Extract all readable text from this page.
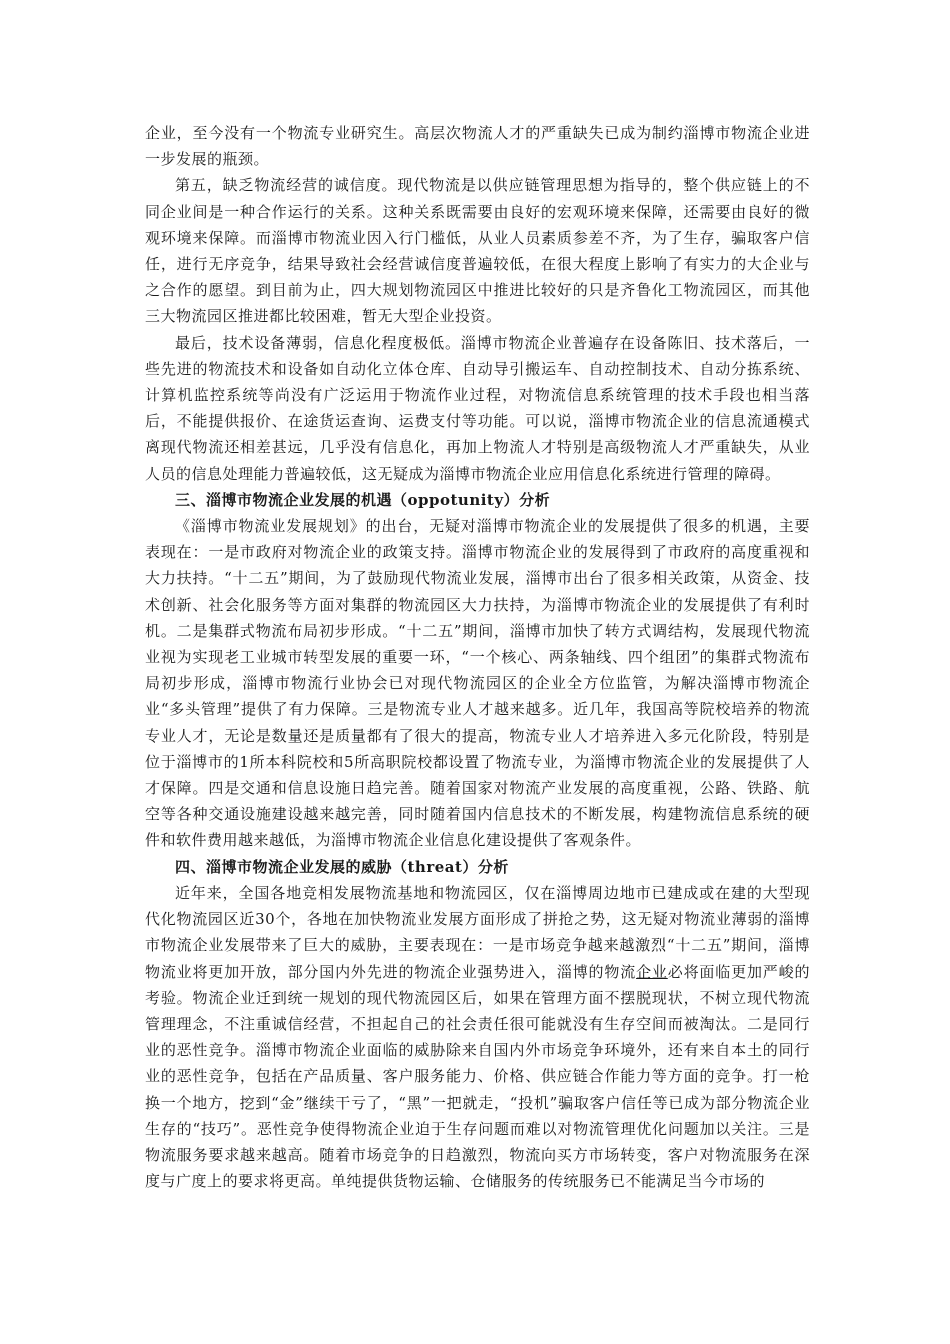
企业，至今没有一个物流专业研究生。高层次物流人才的严重缺失已成为制约淄博市物流企业进一步发展的瓶颈。

第五，缺乏物流经营的诚信度。现代物流是以供应链管理思想为指导的，整个供应链上的不同企业间是一种合作运行的关系。这种关系既需要由良好的宏观环境来保障，还需要由良好的微观环境来保障。而淄博市物流业因入行门槛低，从业人员素质参差不齐，为了生存，骗取客户信任，进行无序竞争，结果导致社会经营诚信度普遍较低，在很大程度上影响了有实力的大企业与之合作的愿望。到目前为止，四大规划物流园区中推进比较好的只是齐鲁化工物流园区，而其他三大物流园区推进都比较困难，暂无大型企业投资。

最后，技术设备薄弱，信息化程度极低。淄博市物流企业普遍存在设备陈旧、技术落后，一些先进的物流技术和设备如自动化立体仓库、自动导引搬运车、自动控制技术、自动分拣系统、计算机监控系统等尚没有广泛运用于物流作业过程，对物流信息系统管理的技术手段也相当落后，不能提供报价、在途货运查询、运费支付等功能。可以说，淄博市物流企业的信息流通模式离现代物流还相差甚远，几乎没有信息化，再加上物流人才特别是高级物流人才严重缺失，从业人员的信息处理能力普遍较低，这无疑成为淄博市物流企业应用信息化系统进行管理的障碍。

三、淄博市物流企业发展的机遇（oppotunity）分析

《淄博市物流业发展规划》的出台，无疑对淄博市物流企业的发展提供了很多的机遇，主要表现在：一是市政府对物流企业的政策支持。淄博市物流企业的发展得到了市政府的高度重视和大力扶持。“十二五”期间，为了鼓励现代物流业发展，淄博市出台了很多相关政策，从资金、技术创新、社会化服务等方面对集群的物流园区大力扶持，为淄博市物流企业的发展提供了有利时机。二是集群式物流布局初步形成。“十二五”期间，淄博市加快了转方式调结构，发展现代物流业视为实现老工业城市转型发展的重要一环，“一个核心、两条轴线、四个组团”的集群式物流布局初步形成，淄博市物流行业协会已对现代物流园区的企业全方位监管，为解决淄博市物流企业“多头管理”提供了有力保障。三是物流专业人才越来越多。近几年，我国高等院校培养的物流专业人才，无论是数量还是质量都有了很大的提高，物流专业人才培养进入多元化阶段，特别是位于淄博市的1所本科院校和5所高职院校都设置了物流专业，为淄博市物流企业的发展提供了人才保障。四是交通和信息设施日趋完善。随着国家对物流产业发展的高度重视，公路、铁路、航空等各种交通设施建设越来越完善，同时随着国内信息技术的不断发展，构建物流信息系统的硬件和软件费用越来越低，为淄博市物流企业信息化建设提供了客观条件。

四、淄博市物流企业发展的威胁（threat）分析

近年来，全国各地竞相发展物流基地和物流园区，仅在淄博周边地市已建成或在建的大型现代化物流园区近30个，各地在加快物流业发展方面形成了拼抢之势，这无疑对物流业薄弱的淄博市物流企业发展带来了巨大的威胁，主要表现在：一是市场竞争越来越激烈“十二五”期间，淄博物流业将更加开放，部分国内外先进的物流企业强势进入，淄博的物流企业必将面临更加严峻的考验。物流企业迁到统一规划的现代物流园区后，如果在管理方面不摆脱现状，不树立现代物流管理理念，不注重诚信经营，不担起自己的社会责任很可能就没有生存空间而被淘汰。二是同行业的恶性竞争。淄博市物流企业面临的威胁除来自国内外市场竞争环境外，还有来自本土的同行业的恶性竞争，包括在产品质量、客户服务能力、价格、供应链合作能力等方面的竞争。打一枪换一个地方，挖到“金”继续干亏了，“黑”一把就走，“投机”骗取客户信任等已成为部分物流企业生存的“技巧”。恶性竞争使得物流企业迫于生存问题而难以对物流管理优化问题加以关注。三是物流服务要求越来越高。随着市场竞争的日趋激烈，物流向买方市场转变，客户对物流服务在深度与广度上的要求将更高。单纯提供货物运输、仓储服务的传统服务已不能满足当今市场的
